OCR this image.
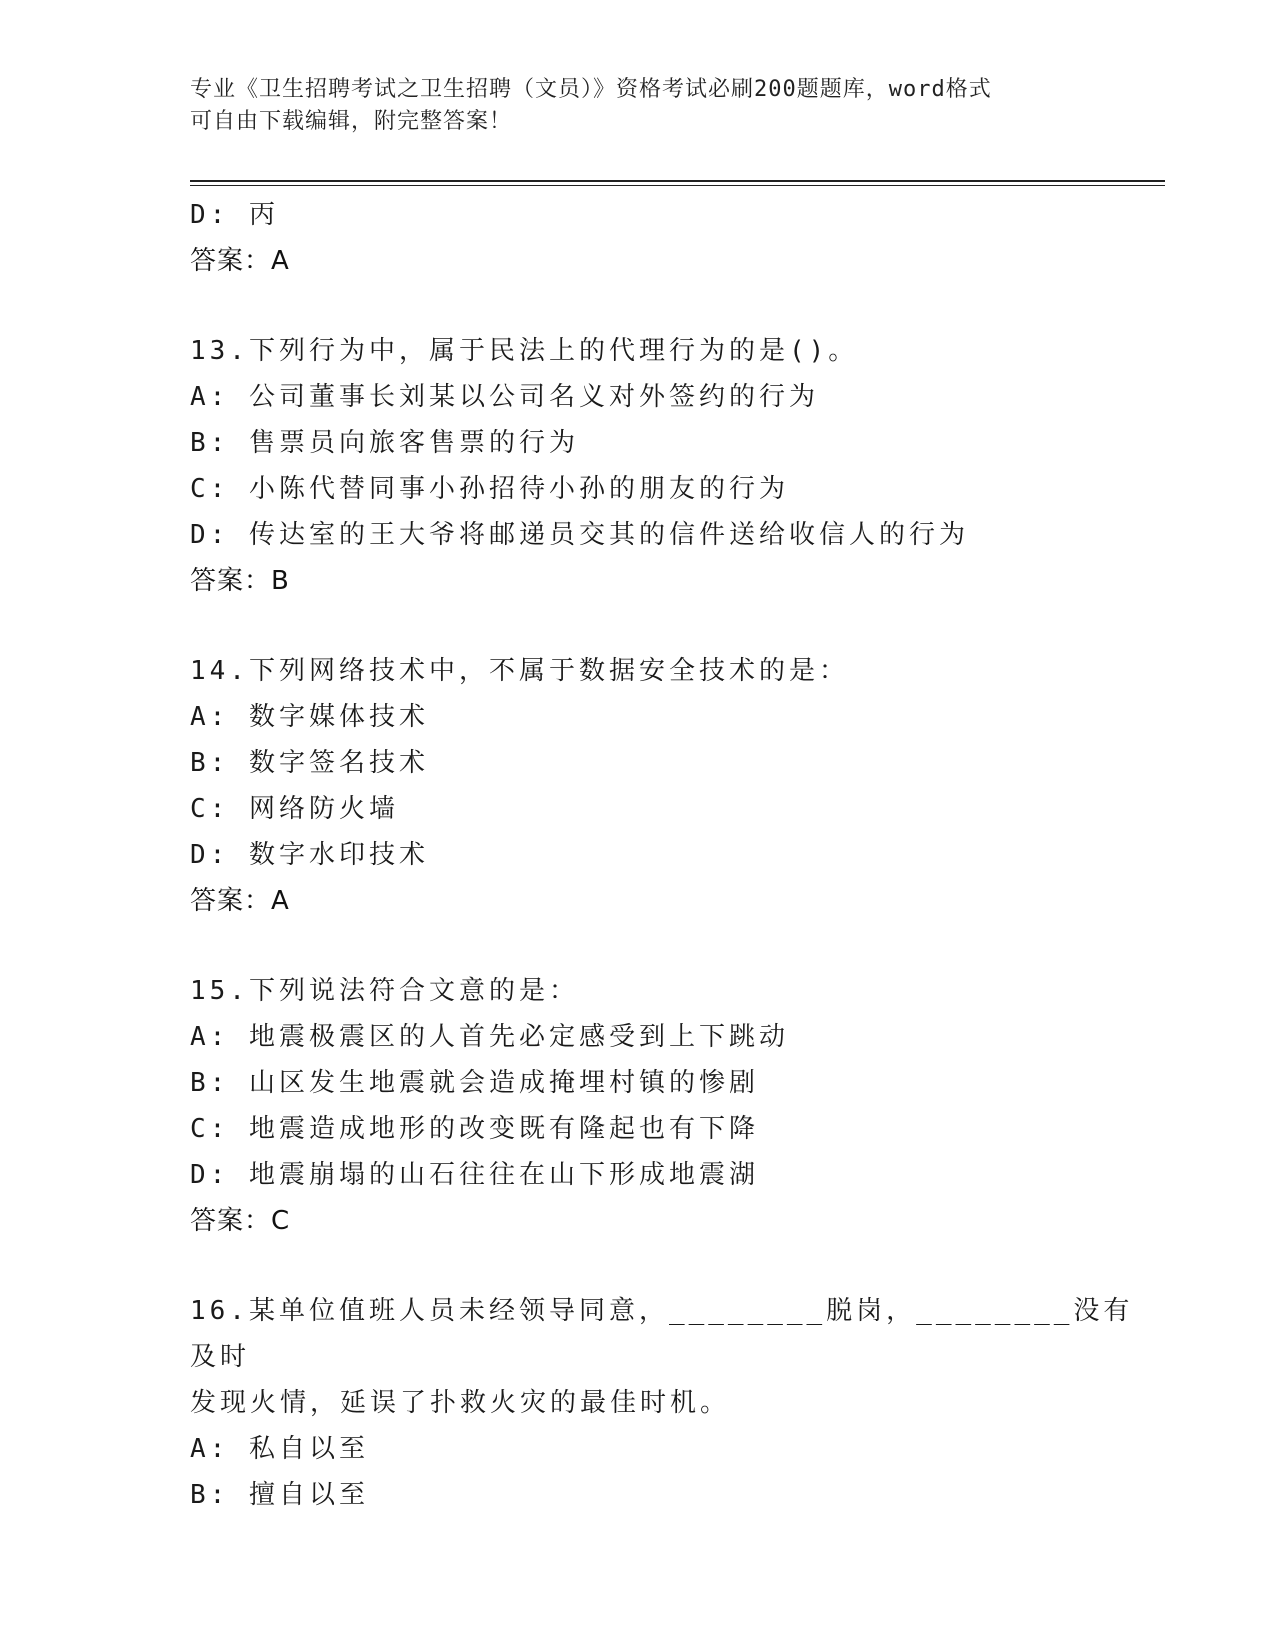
专业《卫生招聘考试之卫生招聘（文员）》资格考试必刷200题题库，word格式
可自由下载编辑，附完整答案！
D: 丙
答案：A
13.下列行为中，属于民法上的代理行为的是()。
A: 公司董事长刘某以公司名义对外签约的行为
B: 售票员向旅客售票的行为
C: 小陈代替同事小孙招待小孙的朋友的行为
D: 传达室的王大爷将邮递员交其的信件送给收信人的行为
答案：B
14.下列网络技术中，不属于数据安全技术的是：
A: 数字媒体技术
B: 数字签名技术
C: 网络防火墙
D: 数字水印技术
答案：A
15.下列说法符合文意的是：
A: 地震极震区的人首先必定感受到上下跳动
B: 山区发生地震就会造成掩埋村镇的惨剧
C: 地震造成地形的改变既有隆起也有下降
D: 地震崩塌的山石往往在山下形成地震湖
答案：C
16.某单位值班人员未经领导同意，________脱岗，________没有及时
发现火情，延误了扑救火灾的最佳时机。
A: 私自以至
B: 擅自以至
